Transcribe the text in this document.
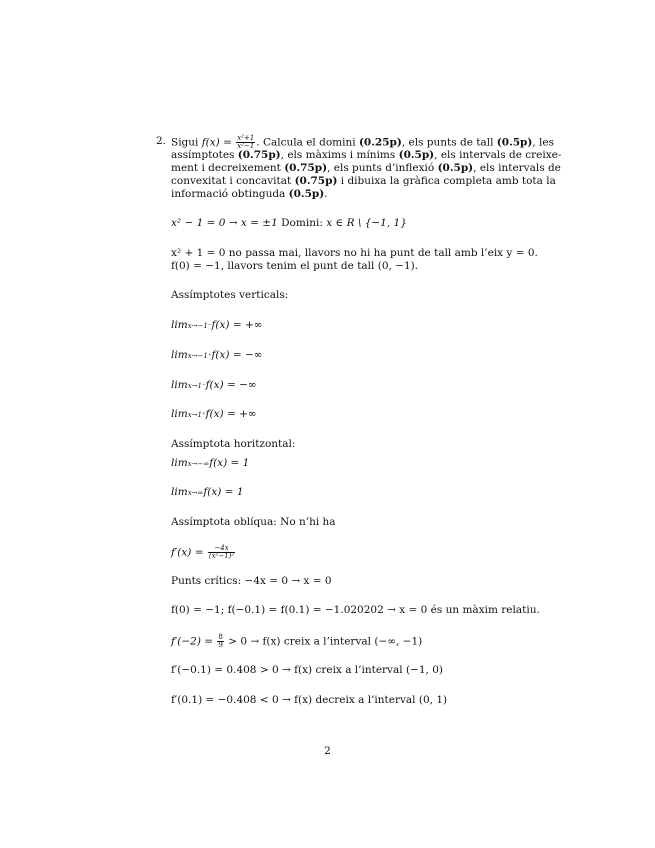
2. Sigui $f(x) = \frac{\text{x²+1}}{\text{x²−1}}$ . Calcula el domini (0.25p), els punts de tall (0.5p), les
assímptotes (0.75p), els màxims i mínims (0.5p), els intervals de creixe-
ment i decreixement (0.75p), els punts d’inflexió (0.5p), els intervals de
convexitat i concavitat (0.75p) i dibuixa la gràfica completa amb tota la
informació obtinguda (0.5p).
x² − 1 = 0 → x = ±1 Domini: x ∈ R \ {−1, 1}
x² + 1 = 0 no passa mai, llavors no hi ha punt de tall amb l’eix y = 0.
f(0) = −1, llavors tenim el punt de tall (0, −1).
Assímptotes verticals:
limx→−1⁻f(x) = +∞
limx→−1⁺f(x) = −∞
limx→1⁻f(x) = −∞
limx→1⁺f(x) = +∞
Assímptota horitzontal:
limx→−∞f(x) = 1
limx→∞f(x) = 1
Assímptota oblíqua: No n’hi ha
$f'(x) = \frac{-4x}{\text{(x²−1)²}}$
Punts crítics: −4x = 0 → x = 0
f(0) = −1; f(−0.1) = f(0.1) = −1.020202 → x = 0 és un màxim relatiu.
$f'(-2) = \frac{8}{9} > 0 \to f(x)$ creix a l’interval (−∞, −1)
f′(−0.1) = 0.408 > 0 → f(x) creix a l’interval (−1, 0)
f′(0.1) = −0.408 < 0 → f(x) decreix a l’interval (0, 1)
2
